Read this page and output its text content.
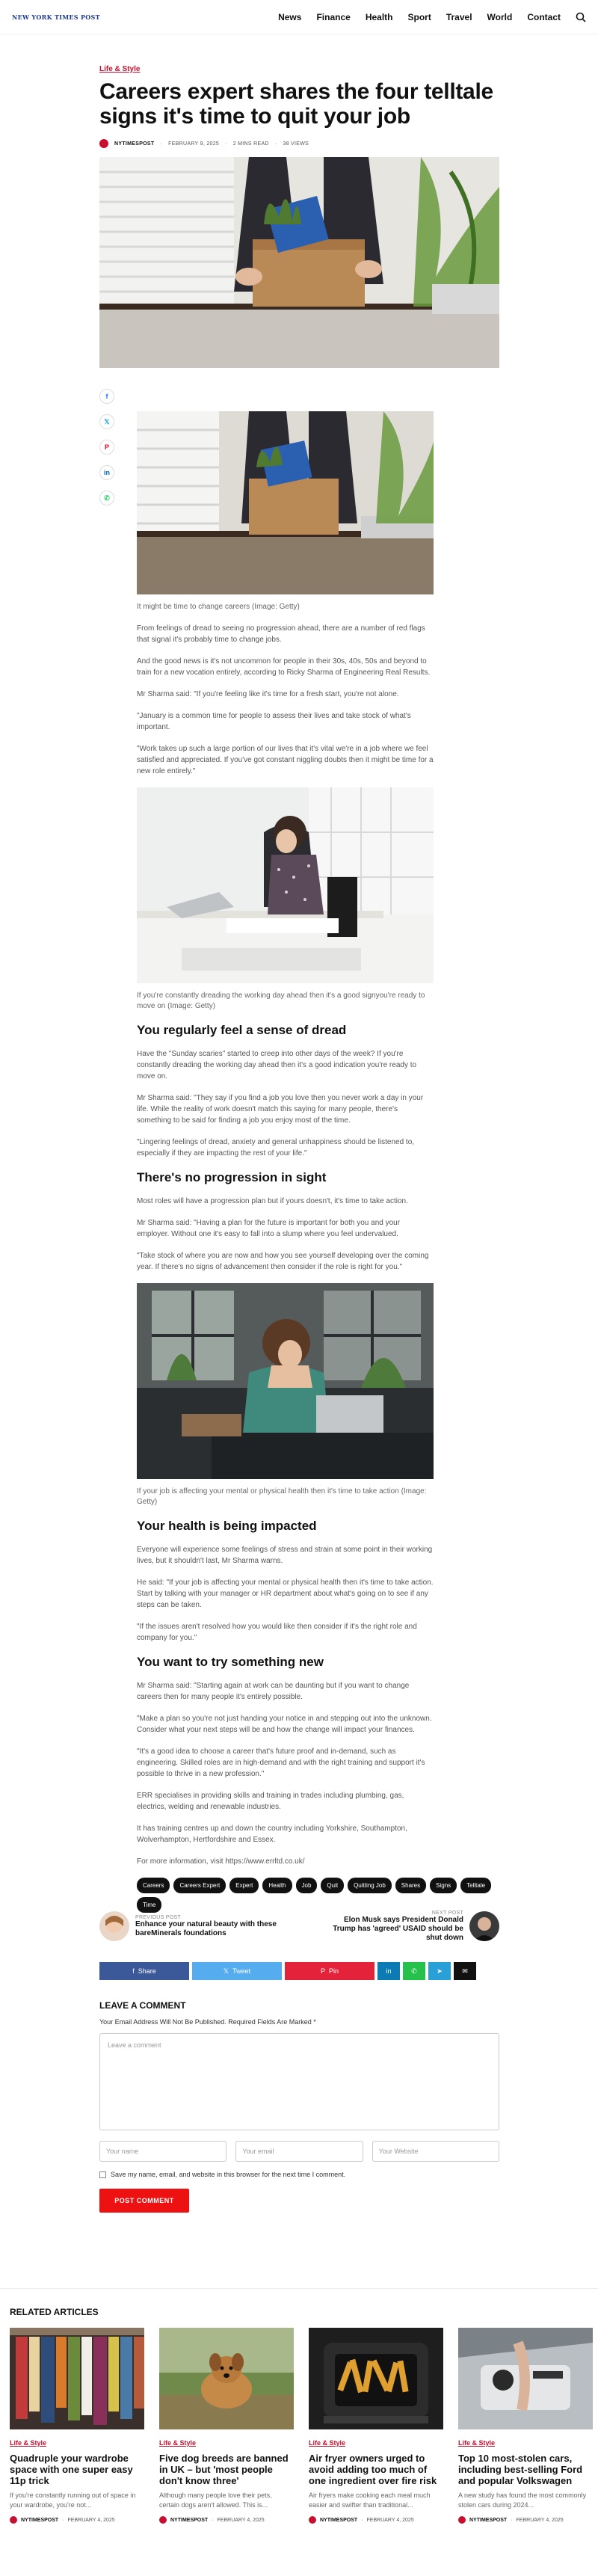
NEW YORK TIMES POST	News Finance Health Sport Travel World Contact
Life & Style
Careers expert shares the four telltale signs it's time to quit your job
NYTIMESPOST · FEBRUARY 9, 2025 · 2 MINS READ · 38 VIEWS
f
𝕏
P
in
✆

It might be time to change careers (Image: Getty)

From feelings of dread to seeing no progression ahead, there are a number of red flags that signal it's probably time to change jobs.

And the good news is it's not uncommon for people in their 30s, 40s, 50s and beyond to train for a new vocation entirely, according to Ricky Sharma of Engineering Real Results.

Mr Sharma said: "If you're feeling like it's time for a fresh start, you're not alone.

"January is a common time for people to assess their lives and take stock of what's important.

"Work takes up such a large portion of our lives that it's vital we're in a job where we feel satisfied and appreciated. If you've got constant niggling doubts then it might be time for a new role entirely."

If you're constantly dreading the working day ahead then it's a good signyou're ready to move on (Image: Getty)

You regularly feel a sense of dread

Have the "Sunday scaries" started to creep into other days of the week? If you're constantly dreading the working day ahead then it's a good indication you're ready to move on.

Mr Sharma said: "They say if you find a job you love then you never work a day in your life. While the reality of work doesn't match this saying for many people, there's something to be said for finding a job you enjoy most of the time.

"Lingering feelings of dread, anxiety and general unhappiness should be listened to, especially if they are impacting the rest of your life."

There's no progression in sight

Most roles will have a progression plan but if yours doesn't, it's time to take action.

Mr Sharma said: "Having a plan for the future is important for both you and your employer. Without one it's easy to fall into a slump where you feel undervalued.

"Take stock of where you are now and how you see yourself developing over the coming year. If there's no signs of advancement then consider if the role is right for you."

If your job is affecting your mental or physical health then it's time to take action (Image: Getty)

Your health is being impacted

Everyone will experience some feelings of stress and strain at some point in their working lives, but it shouldn't last, Mr Sharma warns.

He said: "If your job is affecting your mental or physical health then it's time to take action. Start by talking with your manager or HR department about what's going on to see if any steps can be taken.

"If the issues aren't resolved how you would like then consider if it's the right role and company for you."

You want to try something new

Mr Sharma said: "Starting again at work can be daunting but if you want to change careers then for many people it's entirely possible.

"Make a plan so you're not just handing your notice in and stepping out into the unknown. Consider what your next steps will be and how the change will impact your finances.

"It's a good idea to choose a career that's future proof and in-demand, such as engineering. Skilled roles are in high-demand and with the right training and support it's possible to thrive in a new profession."

ERR specialises in providing skills and training in trades including plumbing, gas, electrics, welding and renewable industries.

It has training centres up and down the country including Yorkshire, Southampton, Wolverhampton, Hertfordshire and Essex.

For more information, visit https://www.errltd.co.uk/

Careers	Careers Expert	Expert	Health	Job	Quit	Quitting Job	Shares	Signs	Telltale
Time
PREVIOUS POST
Enhance your natural beauty with these bareMinerals foundations
NEXT POST
Elon Musk says President Donald Trump has 'agreed' USAID should be shut down
f Share	𝕏 Tweet	P Pin	in	✆	➤	✉
LEAVE A COMMENT

Your Email Address Will Not Be Published. Required Fields Are Marked *

Leave a comment
Your name	Your email	Your Website
Save my name, email, and website in this browser for the next time I comment.
POST COMMENT
RELATED ARTICLES
Life & Style
Quadruple your wardrobe space with one super easy 11p trick
If you're constantly running out of space in your wardrobe, you're not...
NYTIMESPOST · FEBRUARY 4, 2025
Life & Style
Five dog breeds are banned in UK – but 'most people don't know three'
Although many people love their pets, certain dogs aren't allowed. This is...
NYTIMESPOST · FEBRUARY 4, 2025
Life & Style
Air fryer owners urged to avoid adding too much of one ingredient over fire risk
Air fryers make cooking each meal much easier and swifter than traditional...
NYTIMESPOST · FEBRUARY 4, 2025
Life & Style
Top 10 most-stolen cars, including best-selling Ford and popular Volkswagen
A new study has found the most commonly stolen cars during 2024...
NYTIMESPOST · FEBRUARY 4, 2025
